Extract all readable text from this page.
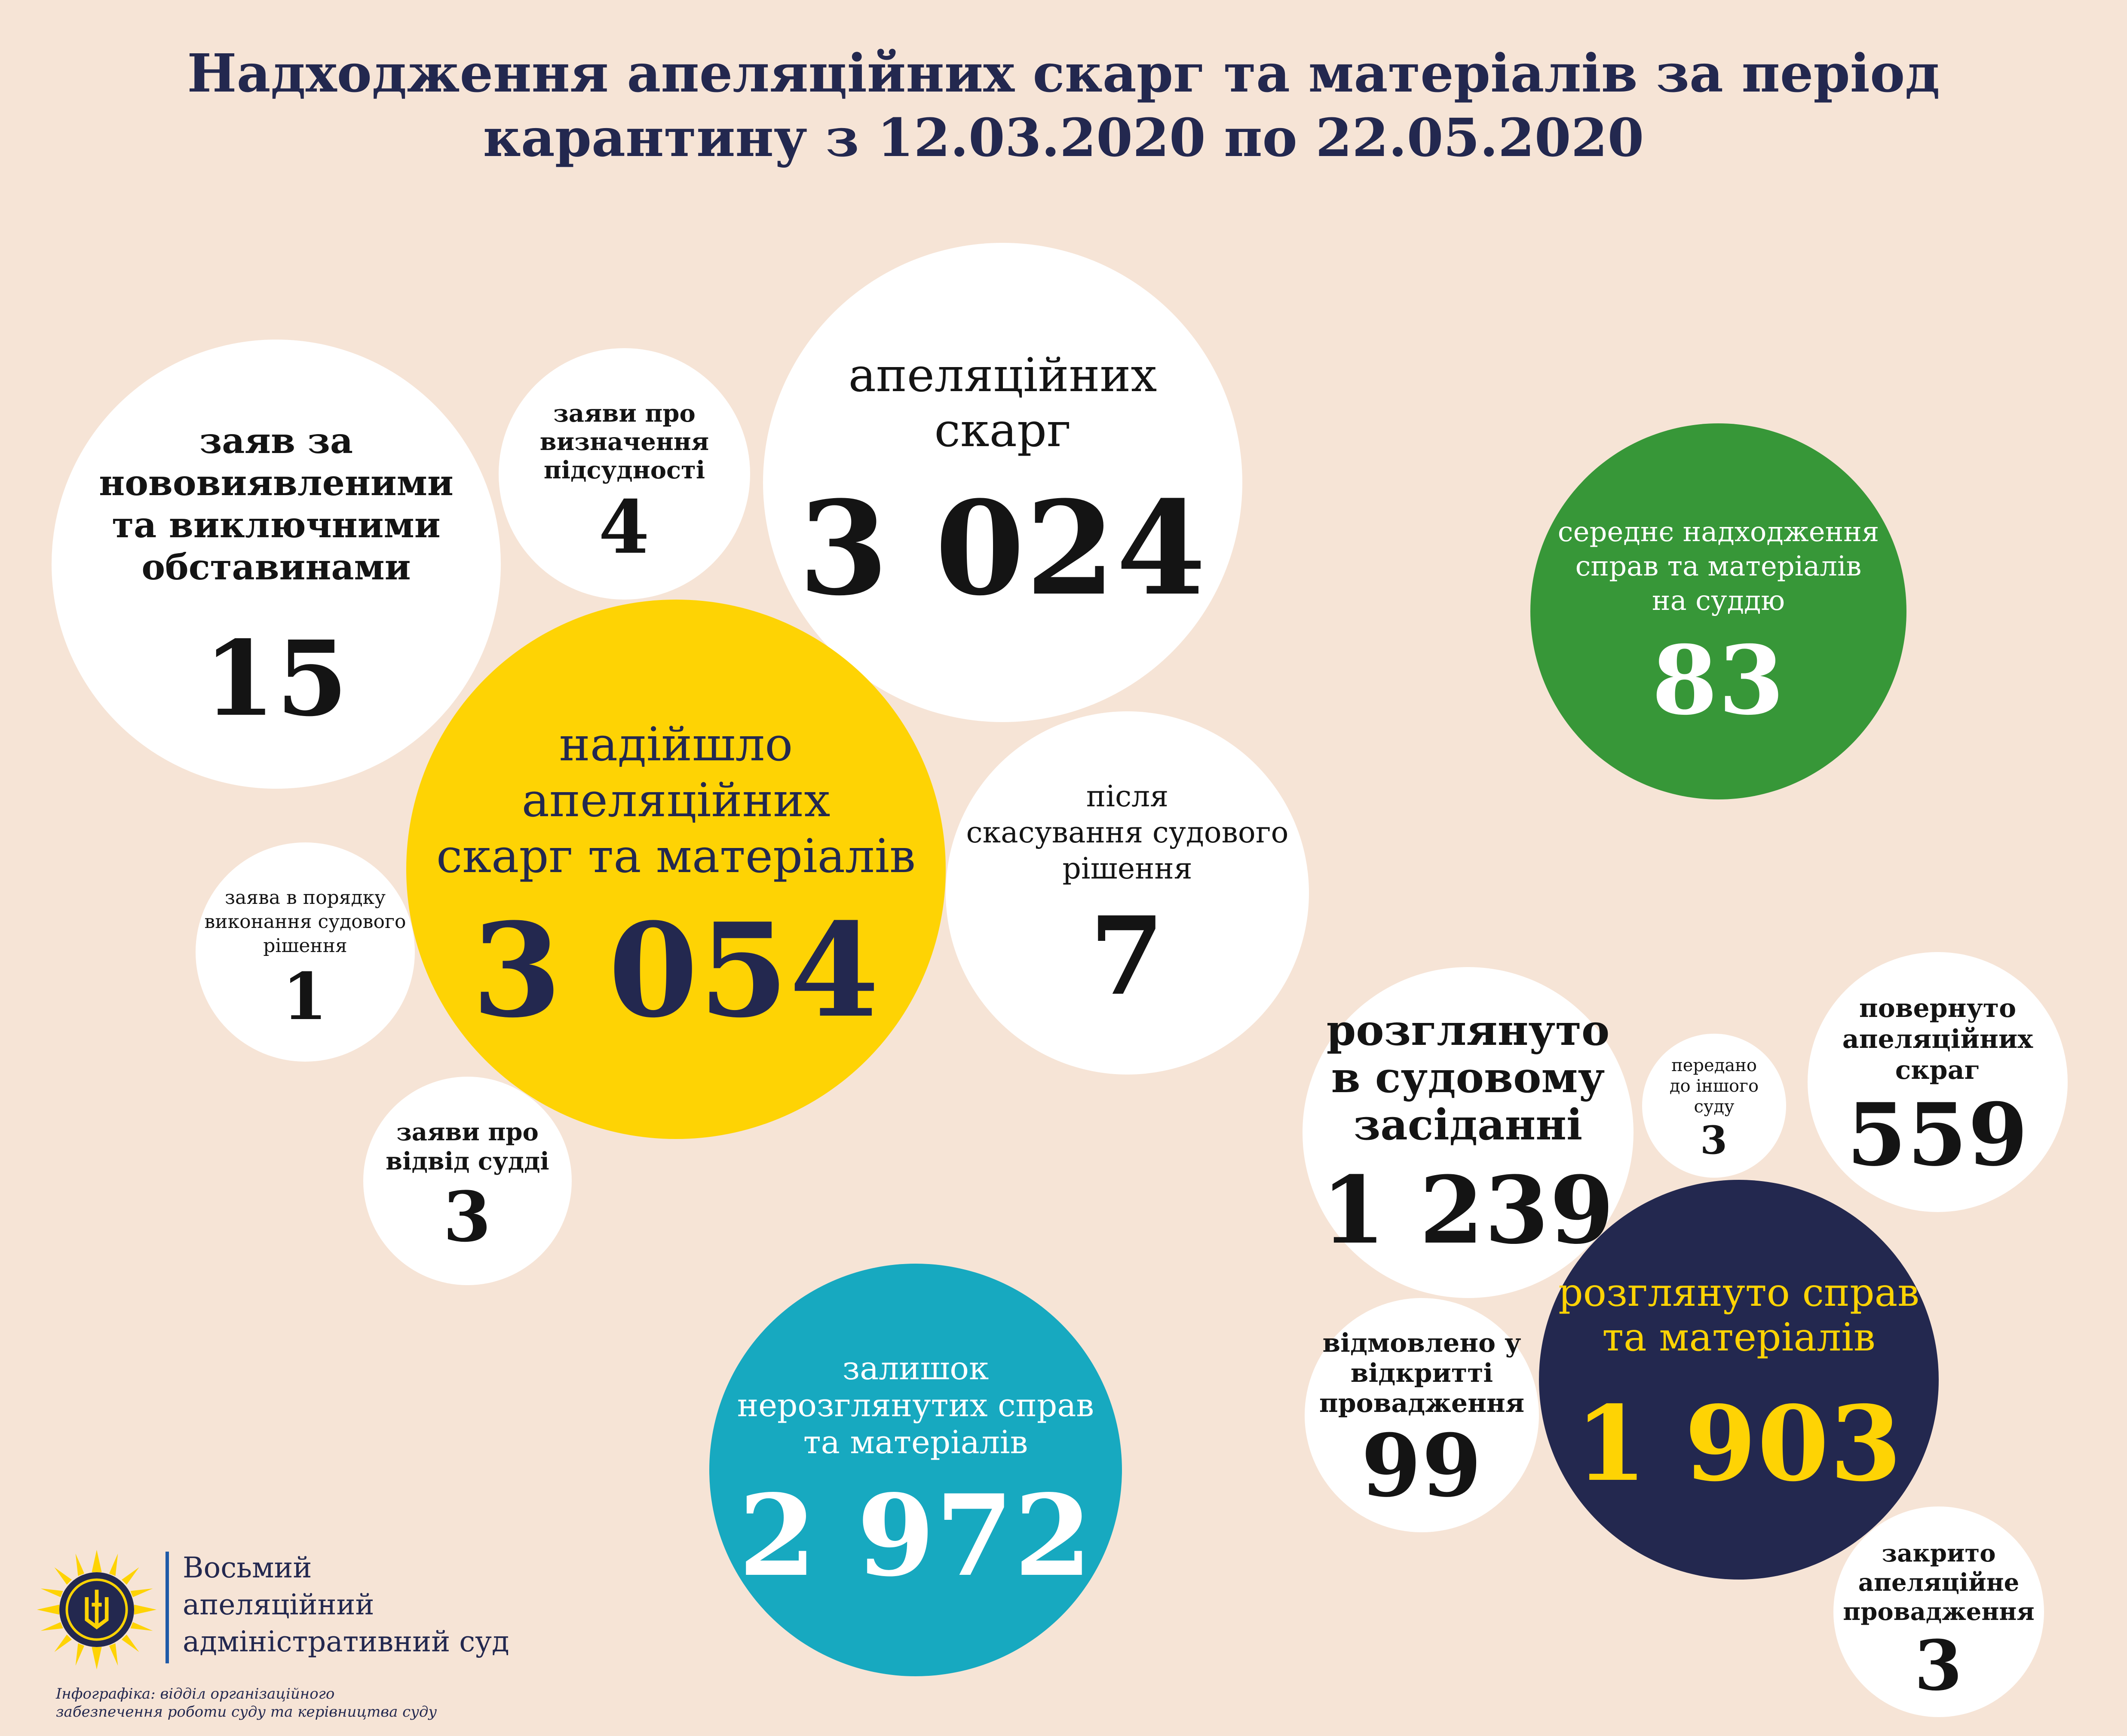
Надходження апеляційних скарг та матеріалів за період
карантину з 12.03.2020 по 22.05.2020
заяв за
нововиявленими
та виключними
обставинами
15
заяви про
визначення
підсудності
4
апеляційних
скарг
3 024
після
скасування судового
рішення
7
надійшло
апеляційних
скарг та матеріалів
3 054
середнє надходження
справ та матеріалів
на суддю
83
заява в порядку
виконання судового
рішення
1
заяви про
відвід судді
3
залишок
нерозглянутих справ
та матеріалів
2 972
розглянуто
в судовому
засіданні
1 239
передано
до іншого
суду
3
повернуто
апеляційних
скраг
559
відмовлено у
відкритті
провадження
99
закрито
апеляційне
провадження
3
розглянуто справ
та матеріалів
1 903
Восьмий
апеляційний
адміністративний суд
Інфографіка: відділ організаційного
забезпечення роботи суду та керівництва суду
